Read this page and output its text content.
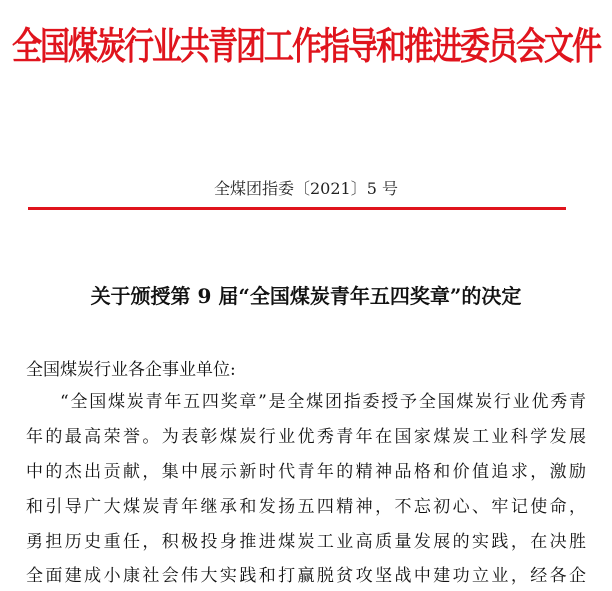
全国煤炭行业共青团工作指导和推进委员会文件
全煤团指委〔2021〕5 号
关于颁授第 9 届“全国煤炭青年五四奖章”的决定
全国煤炭行业各企事业单位:
“全国煤炭青年五四奖章”是全煤团指委授予全国煤炭行业优秀青
年的最高荣誉。为表彰煤炭行业优秀青年在国家煤炭工业科学发展
中的杰出贡献，集中展示新时代青年的精神品格和价值追求，激励
和引导广大煤炭青年继承和发扬五四精神，不忘初心、牢记使命，
勇担历史重任，积极投身推进煤炭工业高质量发展的实践，在决胜
全面建成小康社会伟大实践和打赢脱贫攻坚战中建功立业，经各企
